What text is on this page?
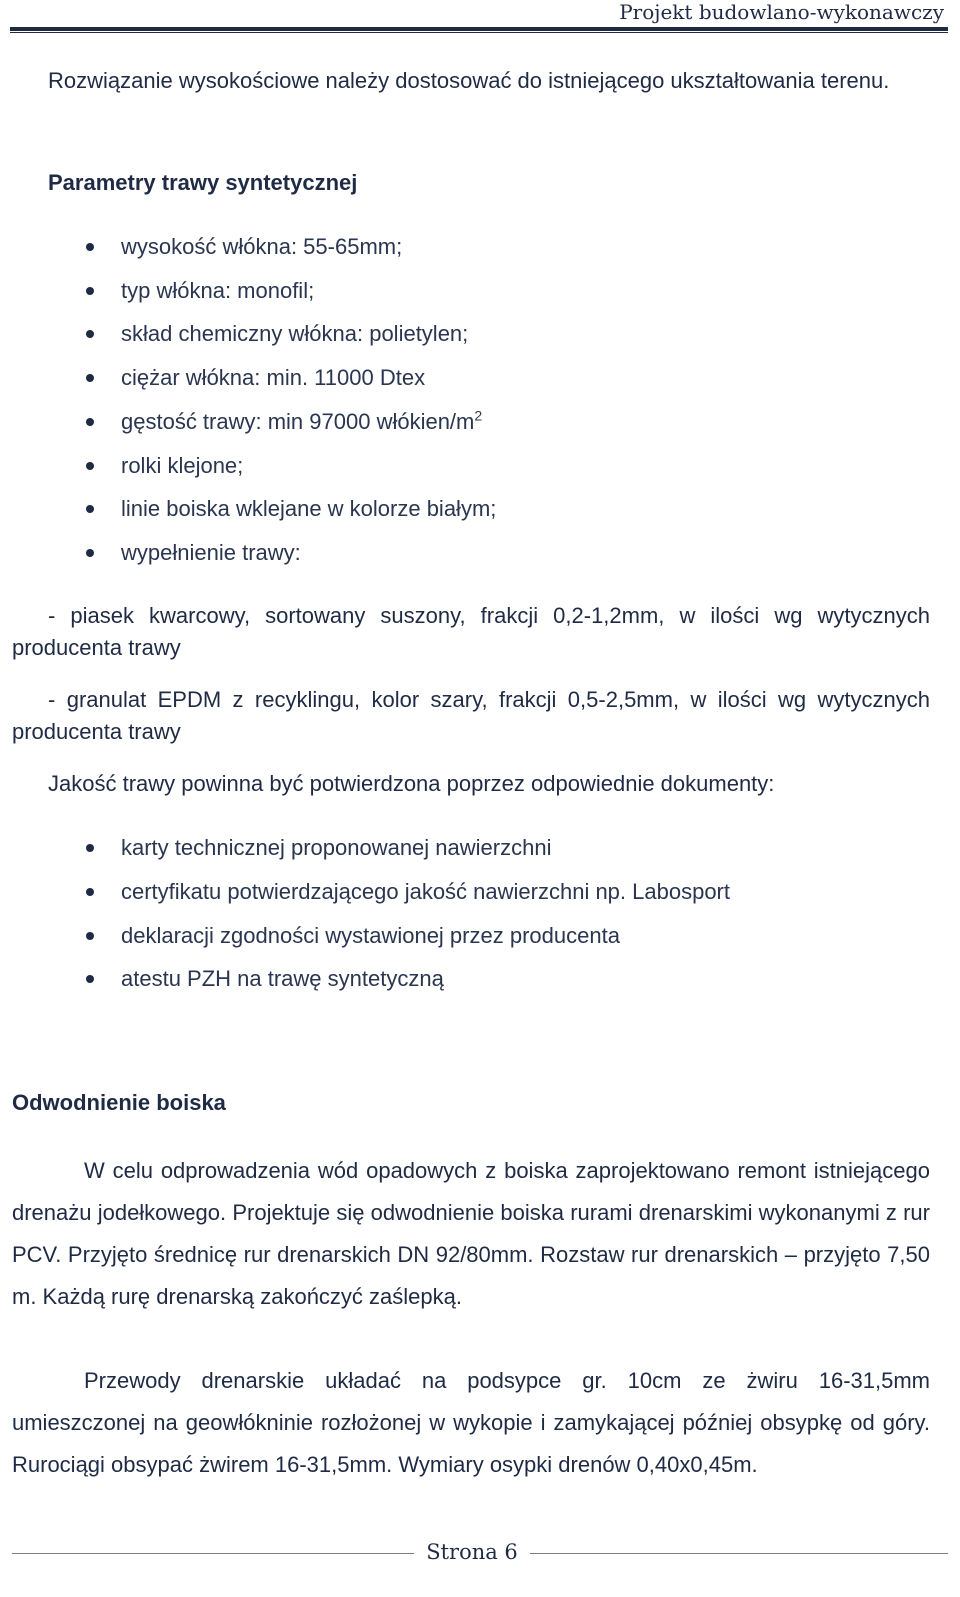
Projekt budowlano-wykonawczy
Rozwiązanie wysokościowe należy dostosować do istniejącego ukształtowania terenu.
Parametry trawy syntetycznej
wysokość włókna: 55-65mm;
typ włókna: monofil;
skład chemiczny włókna: polietylen;
ciężar włókna: min. 11000 Dtex
gęstość trawy: min 97000 włókien/$m^2$
rolki klejone;
linie boiska wklejane w kolorze białym;
wypełnienie trawy:
- piasek kwarcowy, sortowany suszony, frakcji 0,2-1,2mm, w ilości wg wytycznych producenta trawy
- granulat EPDM z recyklingu, kolor szary, frakcji 0,5-2,5mm, w ilości wg wytycznych producenta trawy
Jakość trawy powinna być potwierdzona poprzez odpowiednie dokumenty:
karty technicznej proponowanej nawierzchni
certyfikatu potwierdzającego jakość nawierzchni np. Labosport
deklaracji zgodności wystawionej przez producenta
atestu PZH na trawę syntetyczną
Odwodnienie boiska
W celu odprowadzenia wód opadowych z boiska zaprojektowano remont istniejącego drenażu jodełkowego. Projektuje się odwodnienie boiska rurami drenarskimi wykonanymi z rur PCV. Przyjęto średnicę rur drenarskich DN 92/80mm. Rozstaw rur drenarskich – przyjęto 7,50 m. Każdą rurę drenarską zakończyć zaślepką.
Przewody drenarskie układać na podsypce gr. 10cm ze żwiru 16-31,5mm umieszczonej na geowłókninie rozłożonej w wykopie i zamykającej później obsypkę od góry. Rurociągi obsypać żwirem 16-31,5mm. Wymiary osypki drenów 0,40x0,45m.
Strona 6
